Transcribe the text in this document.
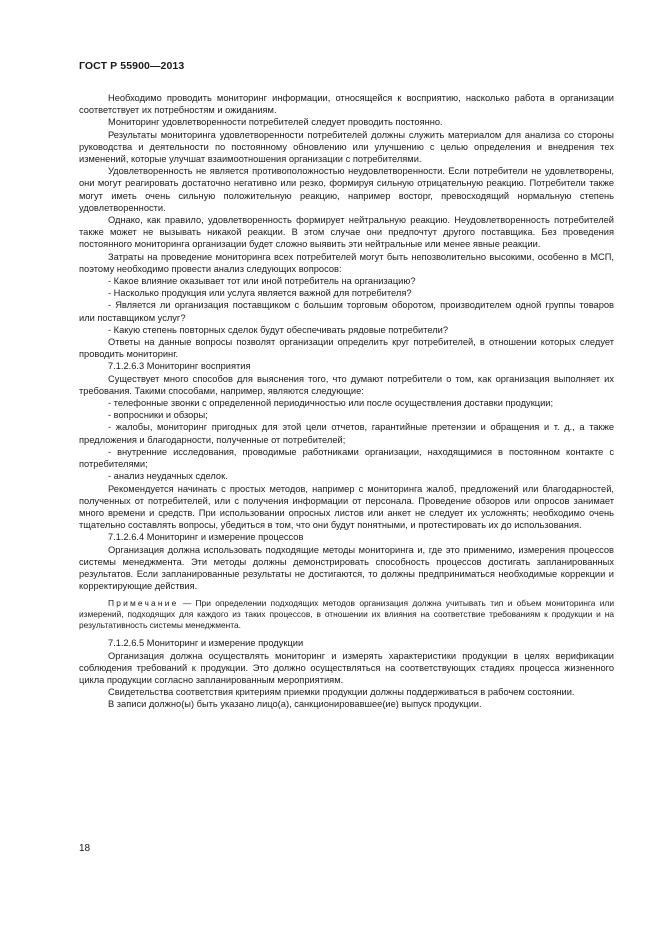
ГОСТ Р 55900—2013

Необходимо проводить мониторинг информации, относящейся к восприятию, насколько работа в организации соответствует их потребностям и ожиданиям.

Мониторинг удовлетворенности потребителей следует проводить постоянно.

Результаты мониторинга удовлетворенности потребителей должны служить материалом для анализа со стороны руководства и деятельности по постоянному обновлению или улучшению с целью определения и внедрения тех изменений, которые улучшат взаимоотношения организации с потребителями.

Удовлетворенность не является противоположностью неудовлетворенности. Если потребители не удовлетворены, они могут реагировать достаточно негативно или резко, формируя сильную отрицательную реакцию. Потребители также могут иметь очень сильную положительную реакцию, например восторг, превосходящий нормальную степень удовлетворенности.

Однако, как правило, удовлетворенность формирует нейтральную реакцию. Неудовлетворенность потребителей также может не вызывать никакой реакции. В этом случае они предпочтут другого поставщика. Без проведения постоянного мониторинга организации будет сложно выявить эти нейтральные или менее явные реакции.

Затраты на проведение мониторинга всех потребителей могут быть непозволительно высокими, особенно в МСП, поэтому необходимо провести анализ следующих вопросов:

- Какое влияние оказывает тот или иной потребитель на организацию?

- Насколько продукция или услуга является важной для потребителя?

- Является ли организация поставщиком с большим торговым оборотом, производителем одной группы товаров или поставщиком услуг?

- Какую степень повторных сделок будут обеспечивать рядовые потребители?

Ответы на данные вопросы позволят организации определить круг потребителей, в отношении которых следует проводить мониторинг.

7.1.2.6.3 Мониторинг восприятия

Существует много способов для выяснения того, что думают потребители о том, как организация выполняет их требования. Такими способами, например, являются следующие:

- телефонные звонки с определенной периодичностью или после осуществления доставки продукции;

- вопросники и обзоры;

- жалобы, мониторинг пригодных для этой цели отчетов, гарантийные претензии и обращения и т. д., а также предложения и благодарности, полученные от потребителей;

- внутренние исследования, проводимые работниками организации, находящимися в постоянном контакте с потребителями;

- анализ неудачных сделок.

Рекомендуется начинать с простых методов, например с мониторинга жалоб, предложений или благодарностей, полученных от потребителей, или с получения информации от персонала. Проведение обзоров или опросов занимает много времени и средств. При использовании опросных листов или анкет не следует их усложнять; необходимо очень тщательно составлять вопросы, убедиться в том, что они будут понятными, и протестировать их до использования.

7.1.2.6.4 Мониторинг и измерение процессов

Организация должна использовать подходящие методы мониторинга и, где это применимо, измерения процессов системы менеджмента. Эти методы должны демонстрировать способность процессов достигать запланированных результатов. Если запланированные результаты не достигаются, то должны предприниматься необходимые коррекции и корректирующие действия.

Примечание — При определении подходящих методов организация должна учитывать тип и объем мониторинга или измерений, подходящих для каждого из таких процессов, в отношении их влияния на соответствие требованиям к продукции и на результативность системы менеджмента.

7.1.2.6.5 Мониторинг и измерение продукции

Организация должна осуществлять мониторинг и измерять характеристики продукции в целях верификации соблюдения требований к продукции. Это должно осуществляться на соответствующих стадиях процесса жизненного цикла продукции согласно запланированным мероприятиям.

Свидетельства соответствия критериям приемки продукции должны поддерживаться в рабочем состоянии.

В записи должно(ы) быть указано лицо(а), санкционировавшее(ие) выпуск продукции.

18
